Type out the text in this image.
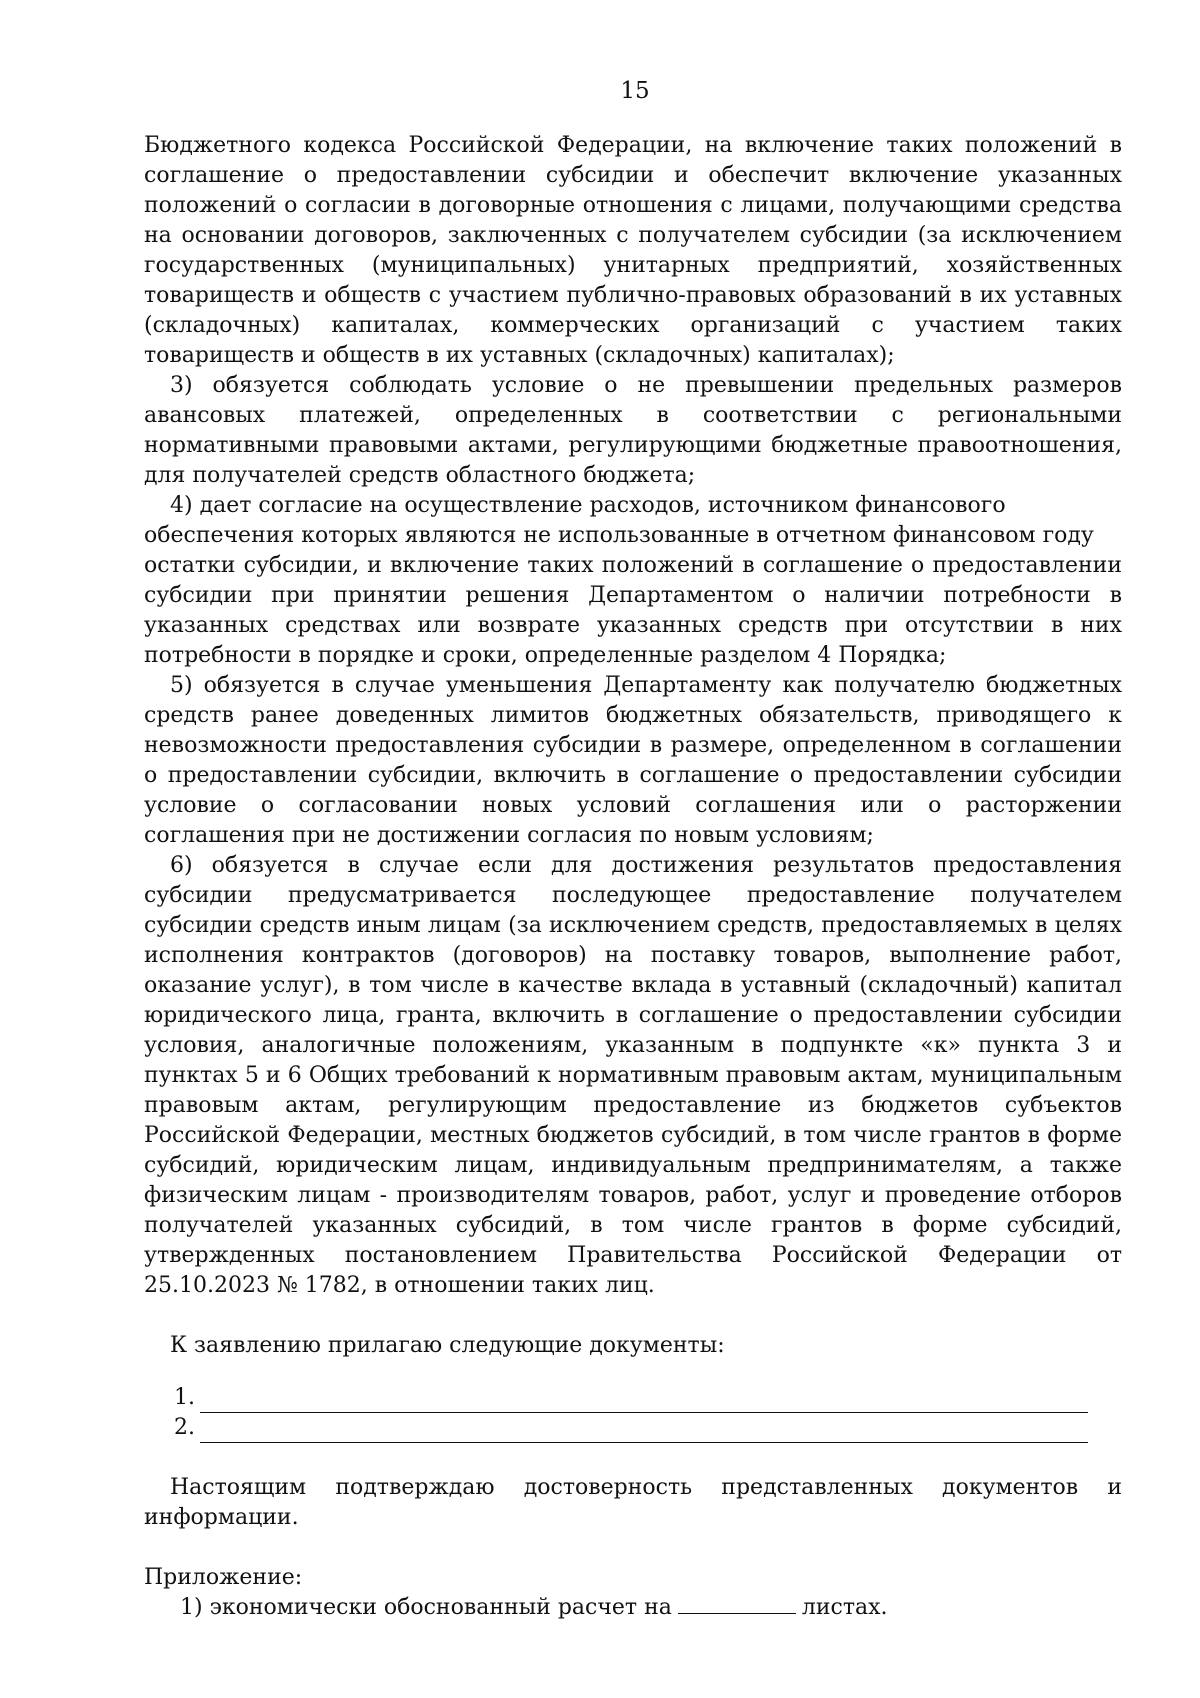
15

Бюджетного кодекса Российской Федерации, на включение таких положений в соглашение о предоставлении субсидии и обеспечит включение указанных положений о согласии в договорные отношения с лицами, получающими средства на основании договоров, заключенных с получателем субсидии (за исключением государственных (муниципальных) унитарных предприятий, хозяйственных товариществ и обществ с участием публично-правовых образований в их уставных (складочных) капиталах, коммерческих организаций с участием таких товариществ и обществ в их уставных (складочных) капиталах);

3) обязуется соблюдать условие о не превышении предельных размеров авансовых платежей, определенных в соответствии с региональными нормативными правовыми актами, регулирующими бюджетные правоотношения, для получателей средств областного бюджета;

4) дает согласие на осуществление расходов, источником финансового обеспечения которых являются не использованные в отчетном финансовом году

остатки субсидии, и включение таких положений в соглашение о предоставлении субсидии при принятии решения Департаментом о наличии потребности в указанных средствах или возврате указанных средств при отсутствии в них потребности в порядке и сроки, определенные разделом 4 Порядка;

5) обязуется в случае уменьшения Департаменту как получателю бюджетных средств ранее доведенных лимитов бюджетных обязательств, приводящего к невозможности предоставления субсидии в размере, определенном в соглашении о предоставлении субсидии, включить в соглашение о предоставлении субсидии условие о согласовании новых условий соглашения или о расторжении соглашения при не достижении согласия по новым условиям;

6) обязуется в случае если для достижения результатов предоставления субсидии предусматривается последующее предоставление получателем субсидии средств иным лицам (за исключением средств, предоставляемых в целях исполнения контрактов (договоров) на поставку товаров, выполнение работ, оказание услуг), в том числе в качестве вклада в уставный (складочный) капитал юридического лица, гранта, включить в соглашение о предоставлении субсидии условия, аналогичные положениям, указанным в подпункте «к» пункта 3 и пунктах 5 и 6 Общих требований к нормативным правовым актам, муниципальным правовым актам, регулирующим предоставление из бюджетов субъектов Российской Федерации, местных бюджетов субсидий, в том числе грантов в форме субсидий, юридическим лицам, индивидуальным предпринимателям, а также физическим лицам - производителям товаров, работ, услуг и проведение отборов получателей указанных субсидий, в том числе грантов в форме субсидий, утвержденных постановлением Правительства Российской Федерации от 25.10.2023 № 1782, в отношении таких лиц.

К заявлению прилагаю следующие документы:

1.
2.

Настоящим подтверждаю достоверность представленных документов и информации.

Приложение:

1) экономически обоснованный расчет на	листах.
